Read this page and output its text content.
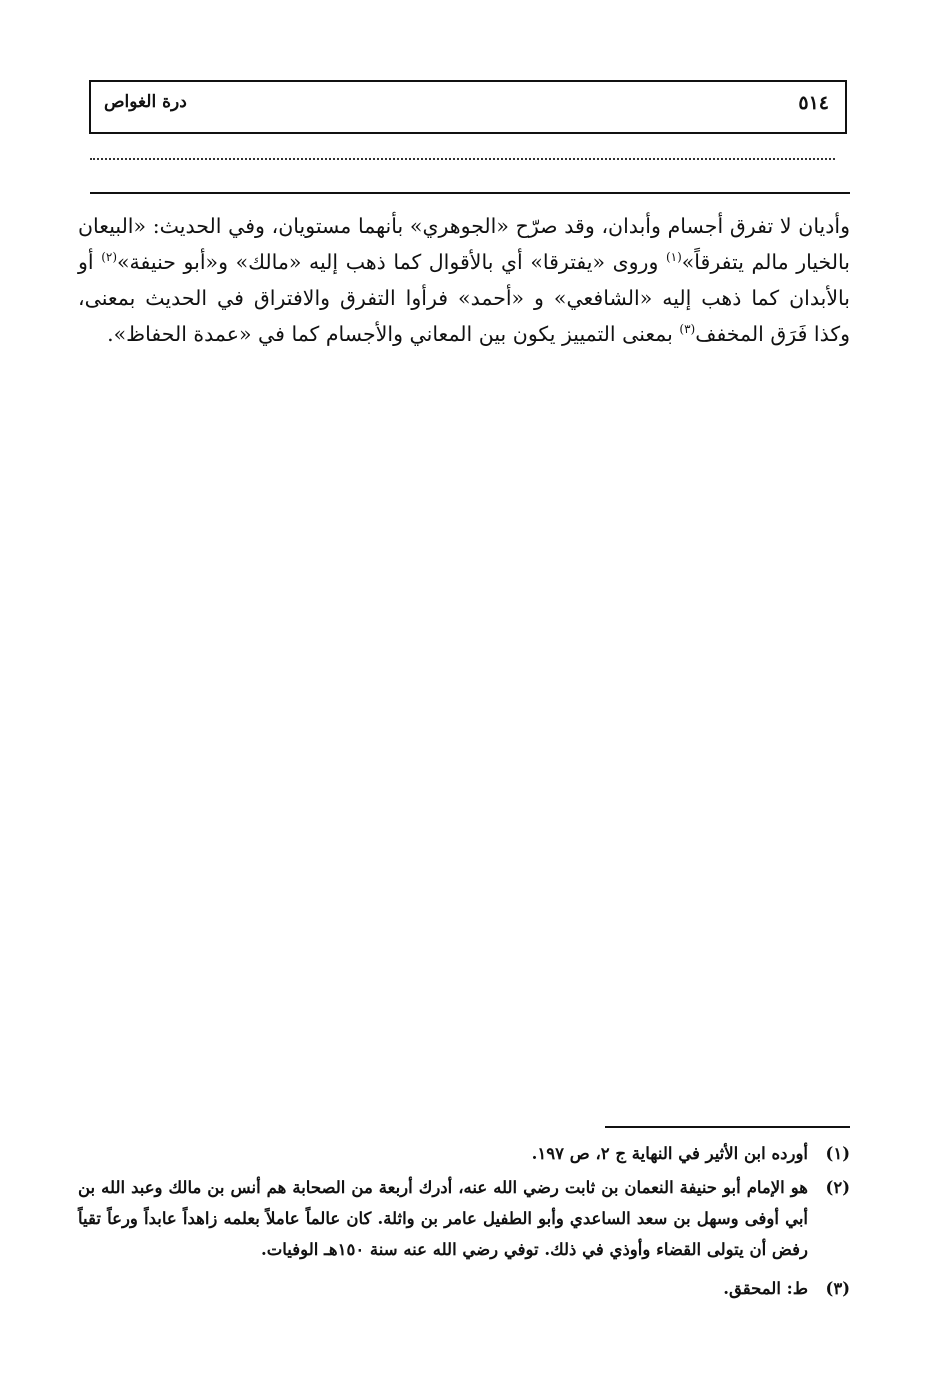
درة الغواص	٥١٤

وأديان لا تفرق أجسام وأبدان، وقد صرّح «الجوهري» بأنهما مستويان، وفي الحديث: «البيعان بالخيار مالم يتفرقاً»$^{(١)}$ وروى «يفترقا» أي بالأقوال كما ذهب إليه «مالك» و«أبو حنيفة»$^{(٢)}$ أو بالأبدان كما ذهب إليه «الشافعي» و «أحمد» فرأوا التفرق والافتراق في الحديث بمعنى، وكذا فَرَق المخفف$^{(٣)}$ بمعنى التمييز يكون بين المعاني والأجسام كما في «عمدة الحفاظ».

(١)
أورده ابن الأثير في النهاية ج ٢، ص ١٩٧.
(٢)
هو الإمام أبو حنيفة النعمان بن ثابت رضي الله عنه، أدرك أربعة من الصحابة هم أنس بن مالك وعبد الله بن أبي أوفى وسهل بن سعد الساعدي وأبو الطفيل عامر بن واثلة. كان عالماً عاملاً بعلمه زاهداً عابداً ورعاً تقياً رفض أن يتولى القضاء وأوذي في ذلك. توفي رضي الله عنه سنة ١٥٠هـ الوفيات.
(٣)
ط: المحقق.
